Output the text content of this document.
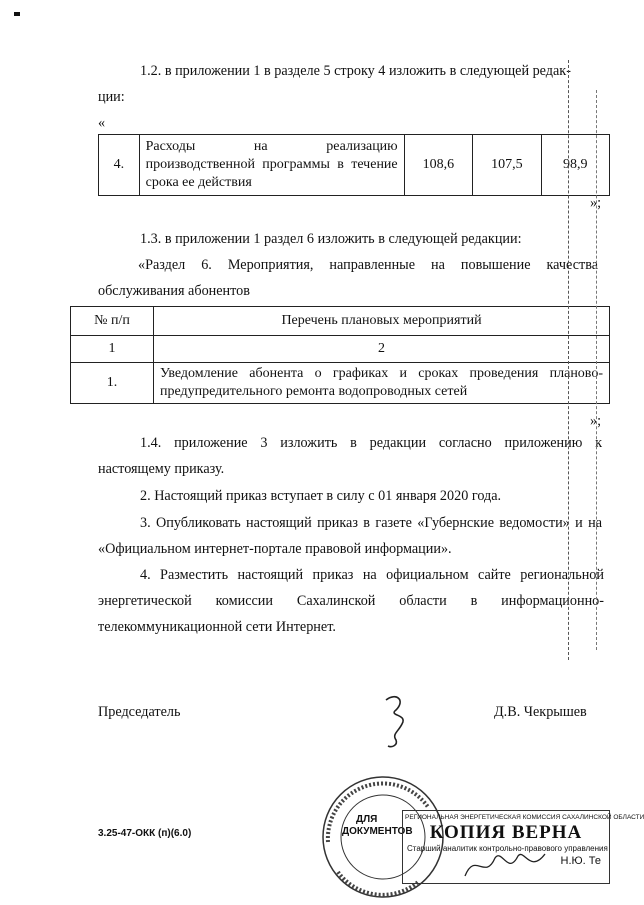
1.2. в приложении 1 в разделе 5 строку 4 изложить в следующей редак-
ции:
«
4.	Расходы на реализацию производственной программы в течение срока ее действия	108,6	107,5	98,9
»;
1.3. в приложении 1 раздел 6 изложить в следующей редакции:
«Раздел 6. Мероприятия, направленные на повышение качества обслуживания абонентов
№ п/п	Перечень плановых мероприятий
1	2
1.	Уведомление абонента о графиках и сроках проведения планово-предупредительного ремонта водопроводных сетей
»;
1.4. приложение 3 изложить в редакции согласно приложению к настоящему приказу.
2. Настоящий приказ вступает в силу с 01 января 2020 года.
3. Опубликовать настоящий приказ в газете «Губернские ведомости» и на «Официальном интернет-портале правовой информации».
4. Разместить настоящий приказ на официальном сайте региональной энергетической комиссии Сахалинской области в информационно-телекоммуникационной сети Интернет.
Председатель	Д.В. Чекрышев
3.25-47-ОКК (п)(6.0)
ДЛЯ
ДОКУМЕНТОВ
РЕГИОНАЛЬНАЯ ЭНЕРГЕТИЧЕСКАЯ КОМИССИЯ САХАЛИНСКОЙ ОБЛАСТИ
КОПИЯ ВЕРНА
Старший аналитик контрольно-правового управления
Н.Ю. Те
